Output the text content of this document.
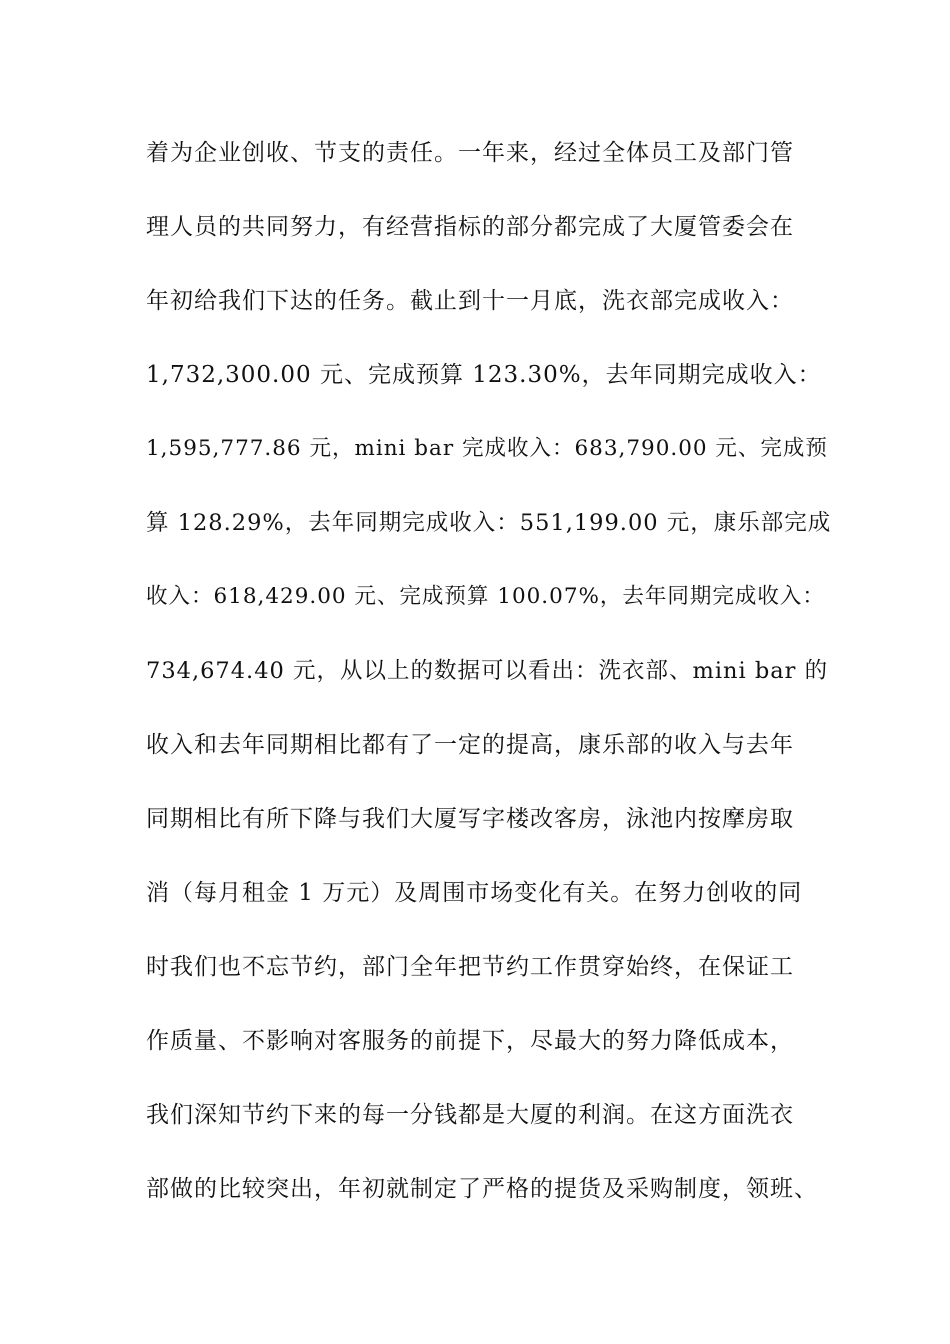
着为企业创收、节支的责任。一年来，经过全体员工及部门管
理人员的共同努力，有经营指标的部分都完成了大厦管委会在
年初给我们下达的任务。截止到十一月底，洗衣部完成收入：
1,732,300.00 元、完成预算 123.30%，去年同期完成收入：
1,595,777.86 元，mini bar 完成收入：683,790.00 元、完成预
算 128.29%，去年同期完成收入：551,199.00 元，康乐部完成
收入：618,429.00 元、完成预算 100.07%，去年同期完成收入：
734,674.40 元，从以上的数据可以看出：洗衣部、mini bar 的
收入和去年同期相比都有了一定的提高，康乐部的收入与去年
同期相比有所下降与我们大厦写字楼改客房，泳池内按摩房取
消（每月租金 1 万元）及周围市场变化有关。在努力创收的同
时我们也不忘节约，部门全年把节约工作贯穿始终，在保证工
作质量、不影响对客服务的前提下，尽最大的努力降低成本，
我们深知节约下来的每一分钱都是大厦的利润。在这方面洗衣
部做的比较突出，年初就制定了严格的提货及采购制度，领班、
